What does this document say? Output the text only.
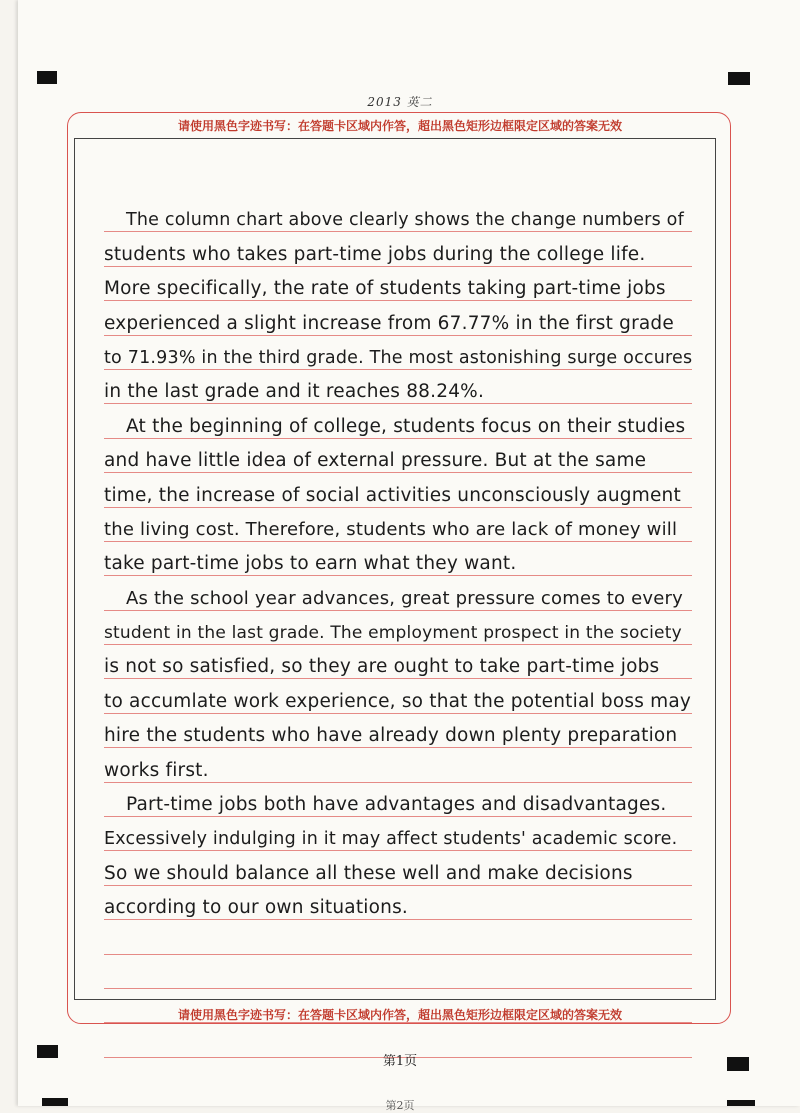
2013 英二
请使用黑色字迹书写：在答题卡区域内作答，超出黑色矩形边框限定区域的答案无效
The column chart above clearly shows the change numbers of
students who takes part-time jobs during the college life.
More specifically, the rate of students taking part-time jobs
experienced a slight increase from 67.77% in the first grade
to 71.93% in the third grade. The most astonishing surge occures
in the last grade and it reaches 88.24%.
At the beginning of college, students focus on their studies
and have little idea of external pressure. But at the same
time, the increase of social activities unconsciously augment
the living cost. Therefore, students who are lack of money will
take part-time jobs to earn what they want.
As the school year advances, great pressure comes to every
student in the last grade. The employment prospect in the society
is not so satisfied, so they are ought to take part-time jobs
to accumlate work experience, so that the potential boss may
hire the students who have already down plenty preparation
works first.
Part-time jobs both have advantages and disadvantages.
Excessively indulging in it may affect students' academic score.
So we should balance all these well and make decisions
according to our own situations.
请使用黑色字迹书写：在答题卡区域内作答，超出黑色矩形边框限定区域的答案无效
第1页
第2页
